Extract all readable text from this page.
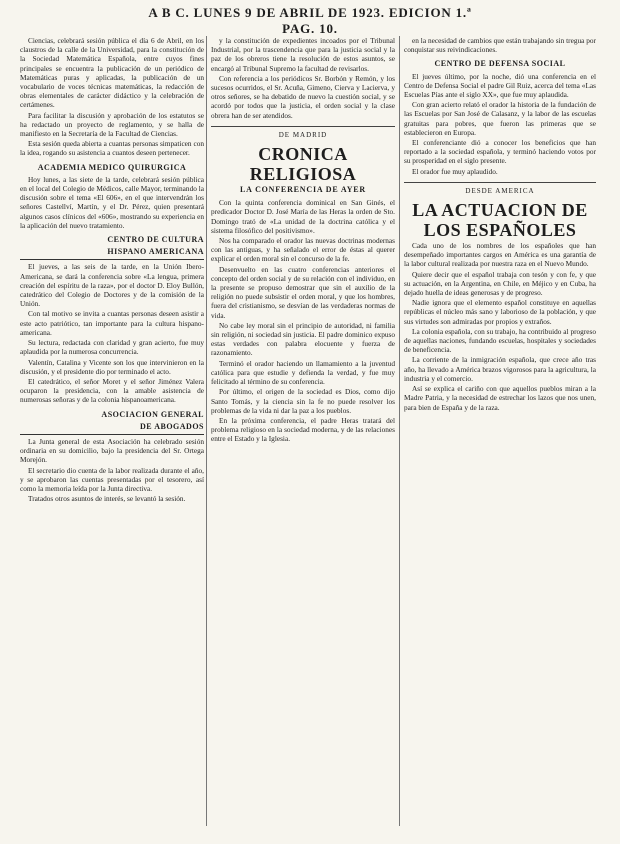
A B C. LUNES 9 DE ABRIL DE 1923. EDICION 1.ª PAG. 10.

Ciencias, celebrará sesión pública el día 6 de Abril, en los claustros de la calle de la Universidad, para la constitución de la Sociedad Matemática Española, entre cuyos fines principales se encuentra la publicación de un periódico de Matemáticas puras y aplicadas, la publicación de un vocabulario de voces técnicas matemáticas, la redacción de obras elementales de carácter didáctico y la celebración de certámenes.

Para facilitar la discusión y aprobación de los estatutos se ha redactado un proyecto de reglamento, y se halla de manifiesto en la Secretaría de la Facultad de Ciencias.

Esta sesión queda abierta a cuantas personas simpaticen con la idea, rogando su asistencia a cuantos deseen pertenecer.

ACADEMIA MEDICO QUIRURGICA

Hoy lunes, a las siete de la tarde, celebrará sesión pública en el local del Colegio de Médicos, calle Mayor, terminando la discusión sobre el tema «El 606», en el que intervendrán los señores Castellví, Martín, y el Dr. Pérez, quien presentará algunos casos clínicos del «606», mostrando su experiencia en la aplicación del nuevo tratamiento.

CENTRO DE CULTURA
HISPANO AMERICANA

El jueves, a las seis de la tarde, en la Unión Ibero-Americana, se dará la conferencia sobre «La lengua, primera creación del espíritu de la raza», por el doctor D. Eloy Bullón, catedrático del Colegio de Doctores y de la comisión de la Unión.

Con tal motivo se invita a cuantas personas deseen asistir a este acto patriótico, tan importante para la cultura hispano-americana.

Su lectura, redactada con claridad y gran acierto, fue muy aplaudida por la numerosa concurrencia.

Valentín, Catalina y Vicente son los que intervinieron en la discusión, y el presidente dio por terminado el acto.

El catedrático, el señor Moret y el señor Jiménez Valera ocuparon la presidencia, con la amable asistencia de numerosas señoras y de la colonia hispanoamericana.

ASOCIACION GENERAL
DE ABOGADOS

La Junta general de esta Asociación ha celebrado sesión ordinaria en su domicilio, bajo la presidencia del Sr. Ortega Morejón.

El secretario dio cuenta de la labor realizada durante el año, y se aprobaron las cuentas presentadas por el tesorero, así como la memoria leída por la Junta directiva.

Tratados otros asuntos de interés, se levantó la sesión.

y la constitución de expedientes incoados por el Tribunal Industrial, por la trascendencia que para la justicia social y la paz de los obreros tiene la resolución de estos asuntos, se encargó al Tribunal Supremo la facultad de revisarlos.

Con referencia a los periódicos Sr. Borbón y Remón, y los sucesos ocurridos, el Sr. Acuña, Gimeno, Cierva y Lacierva, y otros señores, se ha debatido de nuevo la cuestión social, y se acordó por todos que la justicia, el orden social y la clase obrera han de ser atendidos.

DE MADRID
CRONICA RELIGIOSA
LA CONFERENCIA DE AYER

Con la quinta conferencia dominical en San Ginés, el predicador Doctor D. José María de las Heras la orden de Sto. Domingo trató de «La unidad de la doctrina católica y el sistema filosófico del positivismo».

Nos ha comparado el orador las nuevas doctrinas modernas con las antiguas, y ha señalado el error de éstas al querer explicar el orden moral sin el concurso de la fe.

Desenvuelto en las cuatro conferencias anteriores el concepto del orden social y de su relación con el individuo, en la presente se propuso demostrar que sin el auxilio de la religión no puede subsistir el orden moral, y que los hombres, fuera del cristianismo, se desvían de las verdaderas normas de vida.

No cabe ley moral sin el principio de autoridad, ni familia sin religión, ni sociedad sin justicia. El padre dominico expuso estas verdades con palabra elocuente y fuerza de razonamiento.

Terminó el orador haciendo un llamamiento a la juventud católica para que estudie y defienda la verdad, y fue muy felicitado al término de su conferencia.

Por último, el origen de la sociedad es Dios, como dijo Santo Tomás, y la ciencia sin la fe no puede resolver los problemas de la vida ni dar la paz a los pueblos.

En la próxima conferencia, el padre Heras tratará del problema religioso en la sociedad moderna, y de las relaciones entre el Estado y la Iglesia.

en la necesidad de cambios que están trabajando sin tregua por conquistar sus reivindicaciones.

CENTRO DE DEFENSA SOCIAL

El jueves último, por la noche, dió una conferencia en el Centro de Defensa Social el padre Gil Ruiz, acerca del tema «Las Escuelas Pías ante el siglo XX», que fue muy aplaudida.

Con gran acierto relató el orador la historia de la fundación de las Escuelas por San José de Calasanz, y la labor de las escuelas gratuitas para pobres, que fueron las primeras que se establecieron en Europa.

El conferenciante dió a conocer los beneficios que han reportado a la sociedad española, y terminó haciendo votos por su prosperidad en el siglo presente.

El orador fue muy aplaudido.

DESDE AMERICA
LA ACTUACION DE LOS ESPAÑOLES

Cada uno de los nombres de los españoles que han desempeñado importantes cargos en América es una garantía de la labor cultural realizada por nuestra raza en el Nuevo Mundo.

Quiere decir que el español trabaja con tesón y con fe, y que su actuación, en la Argentina, en Chile, en Méjico y en Cuba, ha dejado huella de ideas generosas y de progreso.

Nadie ignora que el elemento español constituye en aquellas repúblicas el núcleo más sano y laborioso de la población, y que sus virtudes son admiradas por propios y extraños.

La colonia española, con su trabajo, ha contribuido al progreso de aquellas naciones, fundando escuelas, hospitales y sociedades de beneficencia.

La corriente de la inmigración española, que crece año tras año, ha llevado a América brazos vigorosos para la agricultura, la industria y el comercio.

Así se explica el cariño con que aquellos pueblos miran a la Madre Patria, y la necesidad de estrechar los lazos que nos unen, para bien de España y de la raza.
